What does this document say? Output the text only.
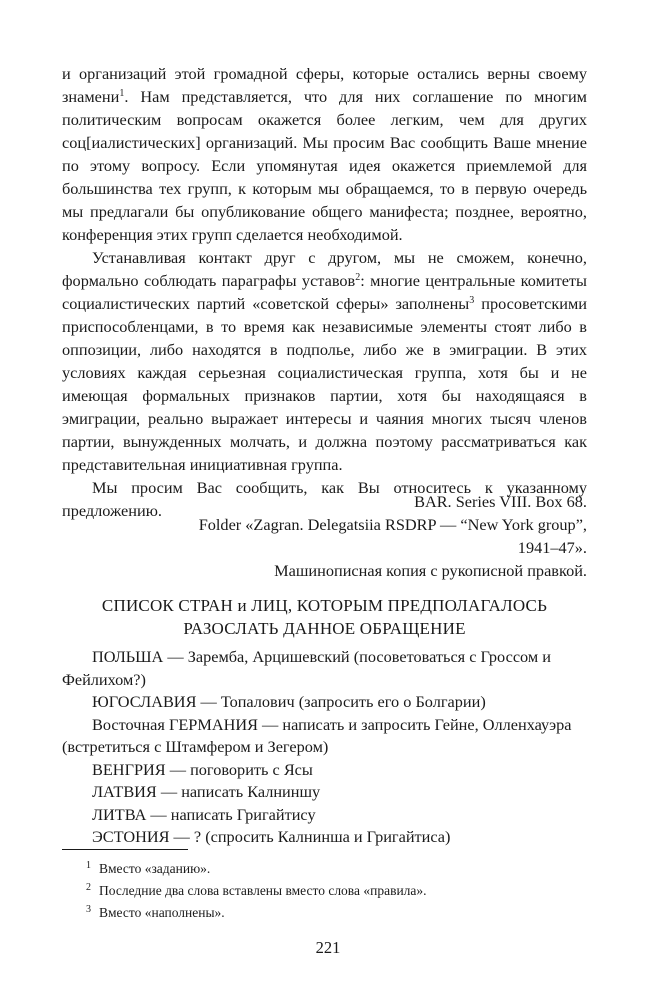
и организаций этой громадной сферы, которые остались верны своему знамени$^1$. Нам представляется, что для них соглашение по многим политическим вопросам окажется более легким, чем для других соц[иалистических] организаций. Мы просим Вас сообщить Ваше мнение по этому вопросу. Если упомянутая идея окажется приемлемой для большинства тех групп, к которым мы обращаемся, то в первую очередь мы предлагали бы опубликование общего манифеста; позднее, вероятно, конференция этих групп сделается необходимой.

Устанавливая контакт друг с другом, мы не сможем, конечно, формально соблюдать параграфы уставов$^2$: многие центральные комитеты социалистических партий «советской сферы» заполнены$^3$ просоветскими приспособленцами, в то время как независимые элементы стоят либо в оппозиции, либо находятся в подполье, либо же в эмиграции. В этих условиях каждая серьезная социалистическая группа, хотя бы и не имеющая формальных признаков партии, хотя бы находящаяся в эмиграции, реально выражает интересы и чаяния многих тысяч членов партии, вынужденных молчать, и должна поэтому рассматриваться как представительная инициативная группа.

Мы просим Вас сообщить, как Вы относитесь к указанному предложению.	BAR. Series VIII. Box 68.
Folder «Zagran. Delegatsiia RSDRP — “New York group”,
1941–47».
Машинописная копия с рукописной правкой.
СПИСОК СТРАН и ЛИЦ, КОТОРЫМ ПРЕДПОЛАГАЛОСЬ
РАЗОСЛАТЬ ДАННОЕ ОБРАЩЕНИЕ

ПОЛЬША — Заремба, Арцишевский (посоветоваться с Гроссом и Фейлихом?)

ЮГОСЛАВИЯ — Топалович (запросить его о Болгарии)

Восточная ГЕРМАНИЯ — написать и запросить Гейне, Олленхауэра (встретиться с Штамфером и Зегером)

ВЕНГРИЯ — поговорить с Ясы

ЛАТВИЯ — написать Калниншу

ЛИТВА — написать Григайтису

ЭСТОНИЯ — ? (спросить Калнинша и Григайтиса)

$^1$ Вместо «заданию».

$^2$ Последние два слова вставлены вместо слова «правила».

$^3$ Вместо «наполнены».

221
